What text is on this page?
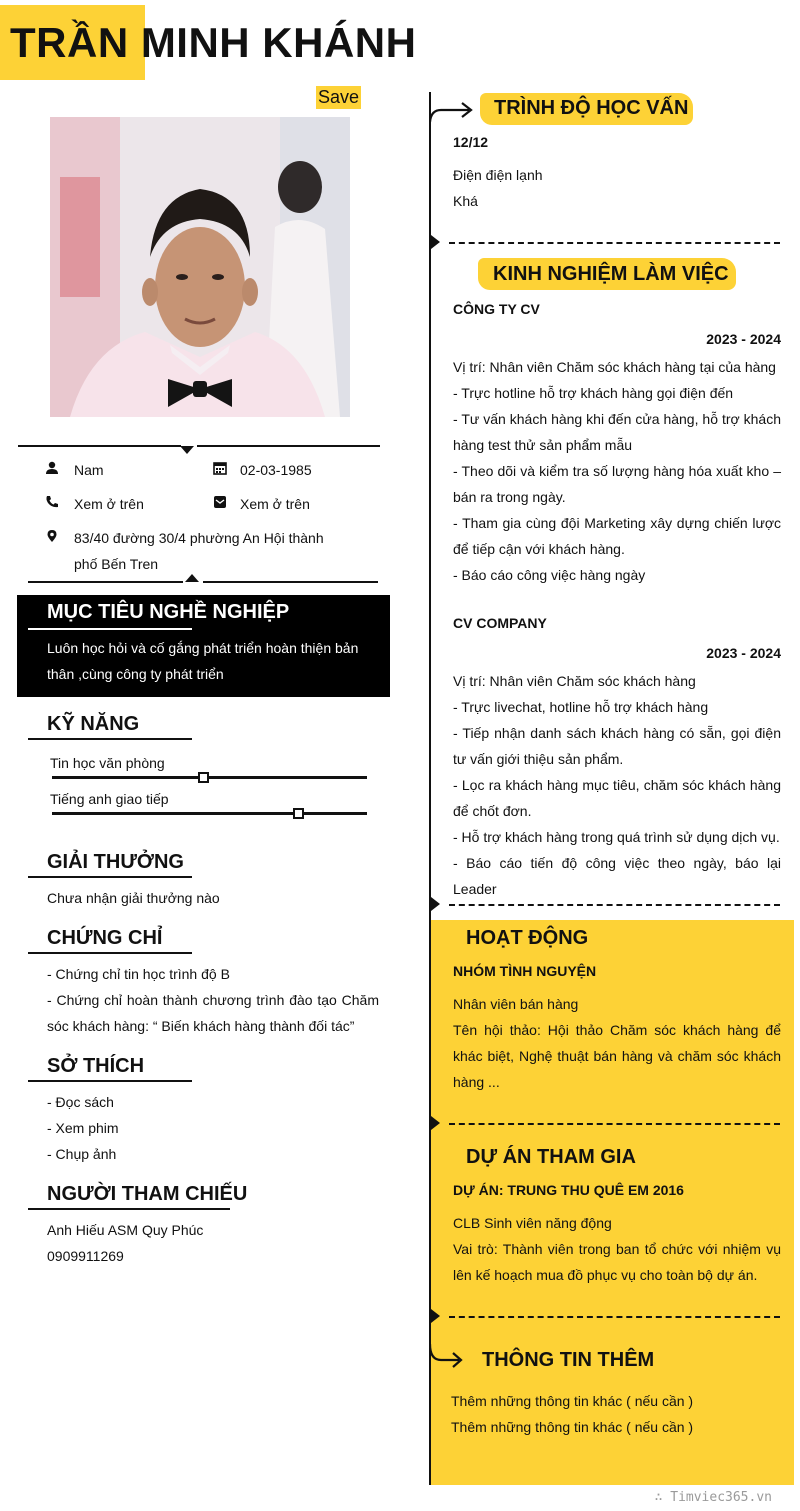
TRẦN MINH KHÁNH
Save
Nam	02-03-1985
Xem ở trên	Xem ở trên
83/40 đường 30/4 phường An Hội thành phố Bến Tren
MỤC TIÊU NGHỀ NGHIỆP
Luôn học hỏi và cố gắng phát triển hoàn thiện bản thân ,cùng công ty phát triển
KỸ NĂNG
Tin học văn phòng
Tiếng anh giao tiếp
GIẢI THƯỞNG
Chưa nhận giải thưởng nào
CHỨNG CHỈ
- Chứng chỉ tin học trình độ B
- Chứng chỉ hoàn thành chương trình đào tạo Chăm sóc khách hàng: “ Biến khách hàng thành đối tác”
SỞ THÍCH
- Đọc sách
- Xem phim
- Chụp ảnh
NGƯỜI THAM CHIẾU
Anh Hiếu ASM Quy Phúc
0909911269
TRÌNH ĐỘ HỌC VẤN
12/12
Điện điện lạnh
Khá
KINH NGHIỆM LÀM VIỆC
CÔNG TY CV
2023 - 2024
Vị trí: Nhân viên Chăm sóc khách hàng tại của hàng
- Trực hotline hỗ trợ khách hàng gọi điện đến
- Tư vấn khách hàng khi đến cửa hàng, hỗ trợ khách hàng test thử sản phẩm mẫu
- Theo dõi và kiểm tra số lượng hàng hóa xuất kho – bán ra trong ngày.
- Tham gia cùng đội Marketing xây dựng chiến lược để tiếp cận với khách hàng.
- Báo cáo công việc hàng ngày
CV COMPANY
2023 - 2024
Vị trí: Nhân viên Chăm sóc khách hàng
- Trực livechat, hotline hỗ trợ khách hàng
- Tiếp nhận danh sách khách hàng có sẵn, gọi điện tư vấn giới thiệu sản phẩm.
- Lọc ra khách hàng mục tiêu, chăm sóc khách hàng để chốt đơn.
- Hỗ trợ khách hàng trong quá trình sử dụng dịch vụ.
- Báo cáo tiến độ công việc theo ngày, báo lại Leader
HOẠT ĐỘNG
NHÓM TÌNH NGUYỆN
Nhân viên bán hàng
Tên hội thảo: Hội thảo Chăm sóc khách hàng để khác biệt, Nghệ thuật bán hàng và chăm sóc khách hàng ...
DỰ ÁN THAM GIA
DỰ ÁN: TRUNG THU QUÊ EM 2016
CLB Sinh viên năng động
Vai trò: Thành viên trong ban tổ chức với nhiệm vụ lên kế hoạch mua đồ phục vụ cho toàn bộ dự án.
THÔNG TIN THÊM
Thêm những thông tin khác ( nếu cần )
Thêm những thông tin khác ( nếu cần )
∴ Timviec365.vn
